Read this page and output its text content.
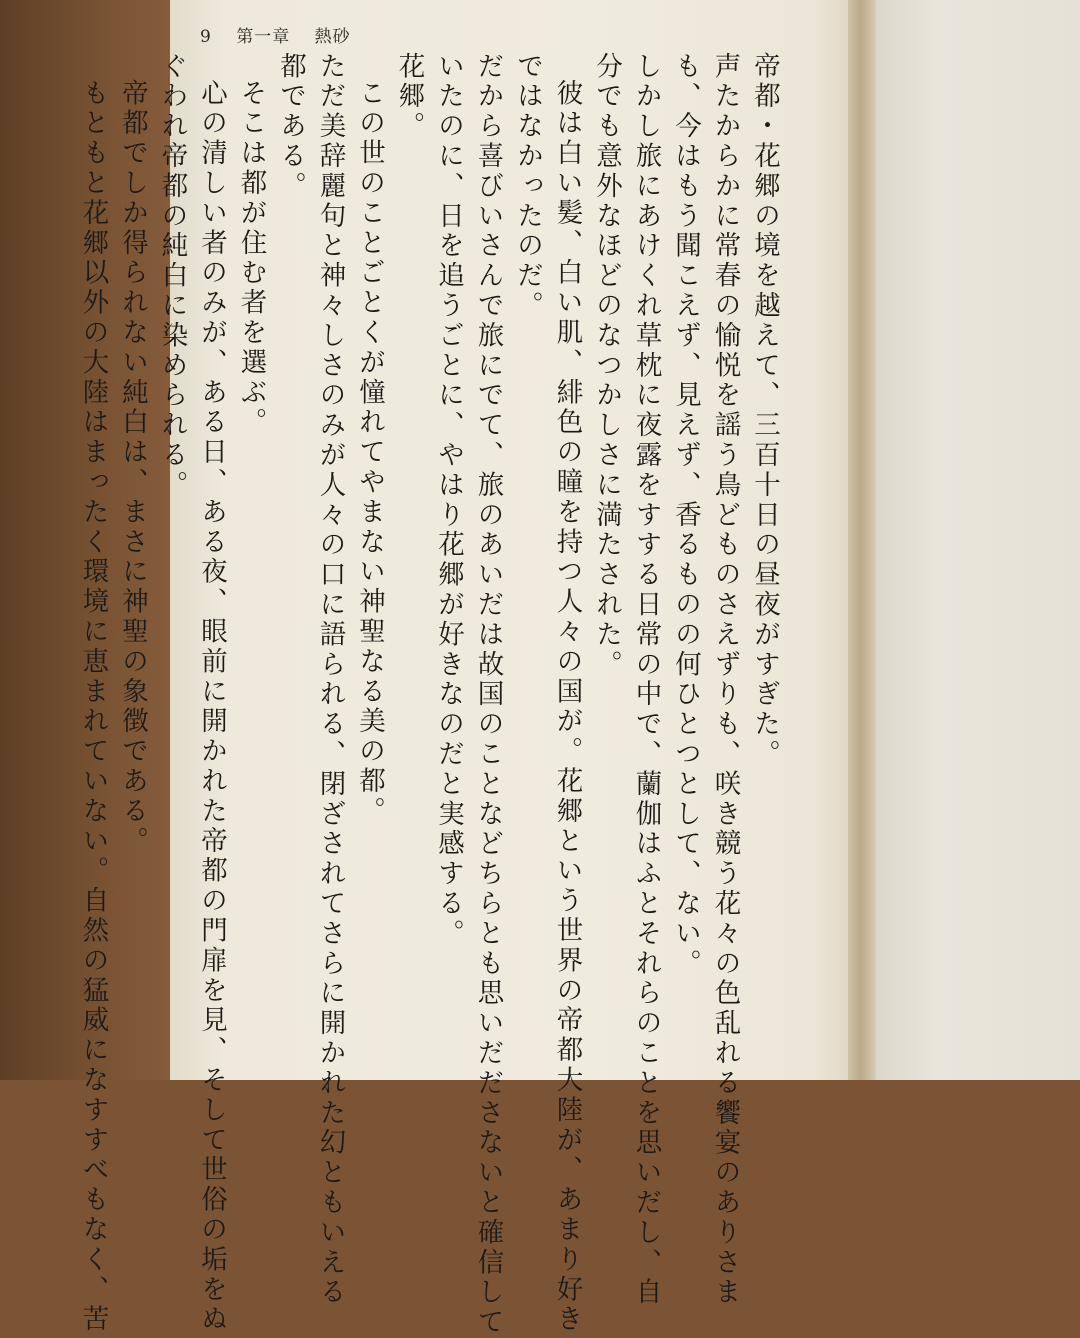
9 第一章 熱砂

帝都・花郷の境を越えて、三百十日の昼夜がすぎた。

声たからかに常春の愉悦を謡う鳥どものさえずりも、咲き競う花々の色乱れる饗宴のありさま

も、今はもう聞こえず、見えず、香るものの何ひとつとして、ない。

しかし旅にあけくれ草枕に夜露をすする日常の中で、蘭伽はふとそれらのことを思いだし、自

分でも意外なほどのなつかしさに満たされた。

彼は白い髪、白い肌、緋色の瞳を持つ人々の国が。花郷という世界の帝都大陸が、あまり好き

ではなかったのだ。

だから喜びいさんで旅にでて、旅のあいだは故国のことなどちらとも思いだださないと確信して

いたのに、日を追うごとに、やはり花郷が好きなのだと実感する。

花郷。

この世のことごとくが憧れてやまない神聖なる美の都。

ただ美辞麗句と神々しさのみが人々の口に語られる、閉ざされてさらに開かれた幻ともいえる

都である。

そこは都が住む者を選ぶ。

心の清しい者のみが、ある日、ある夜、眼前に開かれた帝都の門扉を見、そして世俗の垢をぬ

ぐわれ帝都の純白に染められる。

帝都でしか得られない純白は、まさに神聖の象徴である。

もともと花郷以外の大陸はまったく環境に恵まれていない。自然の猛威になすすべもなく、苦
